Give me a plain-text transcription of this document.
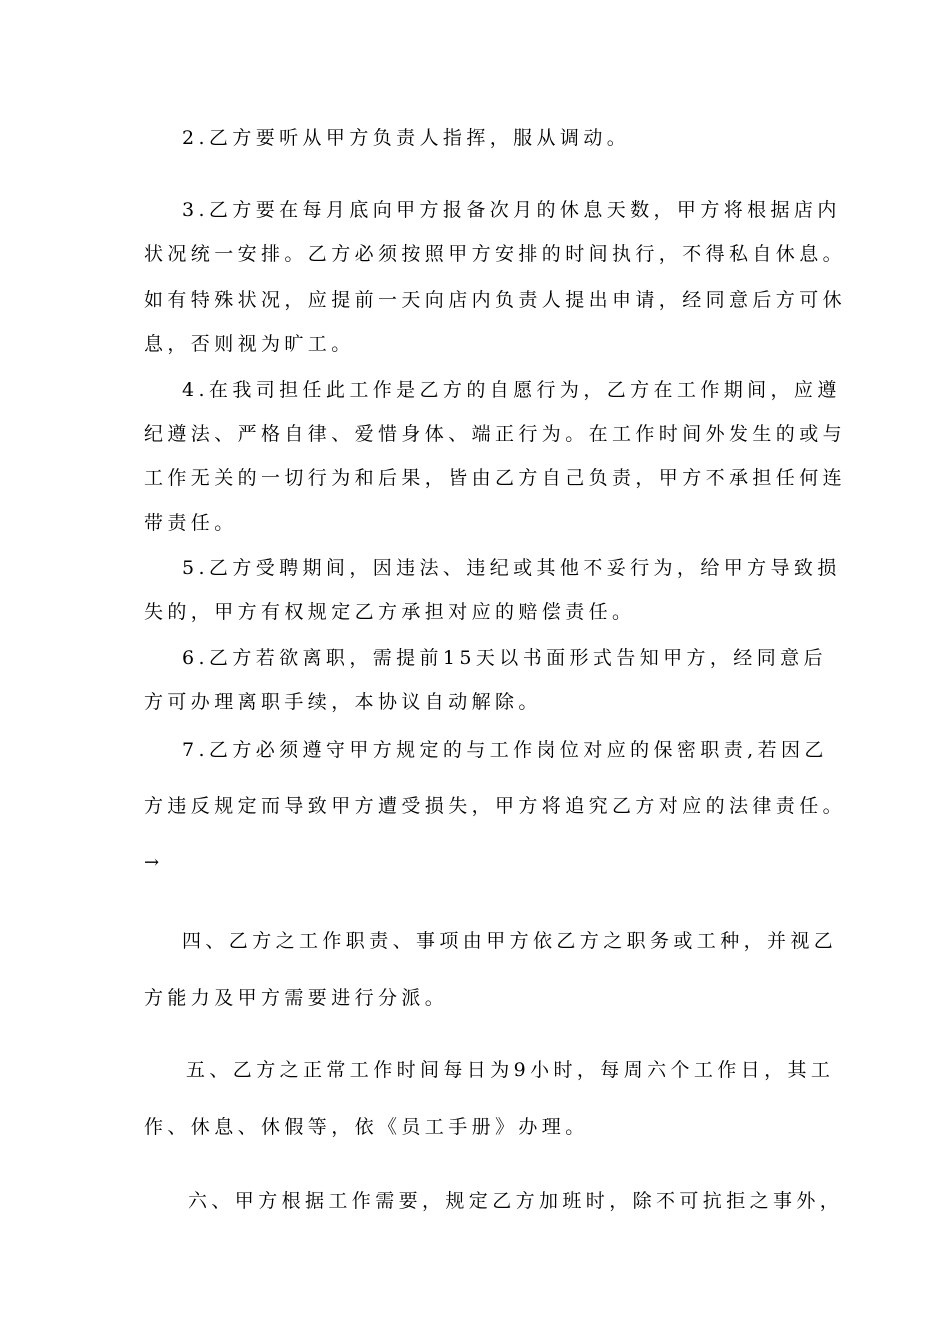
2.乙方要听从甲方负责人指挥，服从调动。
3.乙方要在每月底向甲方报备次月的休息天数，甲方将根据店内
状况统一安排。乙方必须按照甲方安排的时间执行，不得私自休息。
如有特殊状况，应提前一天向店内负责人提出申请，经同意后方可休
息，否则视为旷工。
4.在我司担任此工作是乙方的自愿行为，乙方在工作期间，应遵
纪遵法、严格自律、爱惜身体、端正行为。在工作时间外发生的或与
工作无关的一切行为和后果，皆由乙方自己负责，甲方不承担任何连
带责任。
5.乙方受聘期间，因违法、违纪或其他不妥行为，给甲方导致损
失的，甲方有权规定乙方承担对应的赔偿责任。
6.乙方若欲离职，需提前15天以书面形式告知甲方，经同意后
方可办理离职手续，本协议自动解除。
7.乙方必须遵守甲方规定的与工作岗位对应的保密职责,若因乙
方违反规定而导致甲方遭受损失，甲方将追究乙方对应的法律责任。
→
四、乙方之工作职责、事项由甲方依乙方之职务或工种，并视乙
方能力及甲方需要进行分派。
五、乙方之正常工作时间每日为9小时，每周六个工作日，其工
作、休息、休假等，依《员工手册》办理。
六、甲方根据工作需要，规定乙方加班时，除不可抗拒之事外，
